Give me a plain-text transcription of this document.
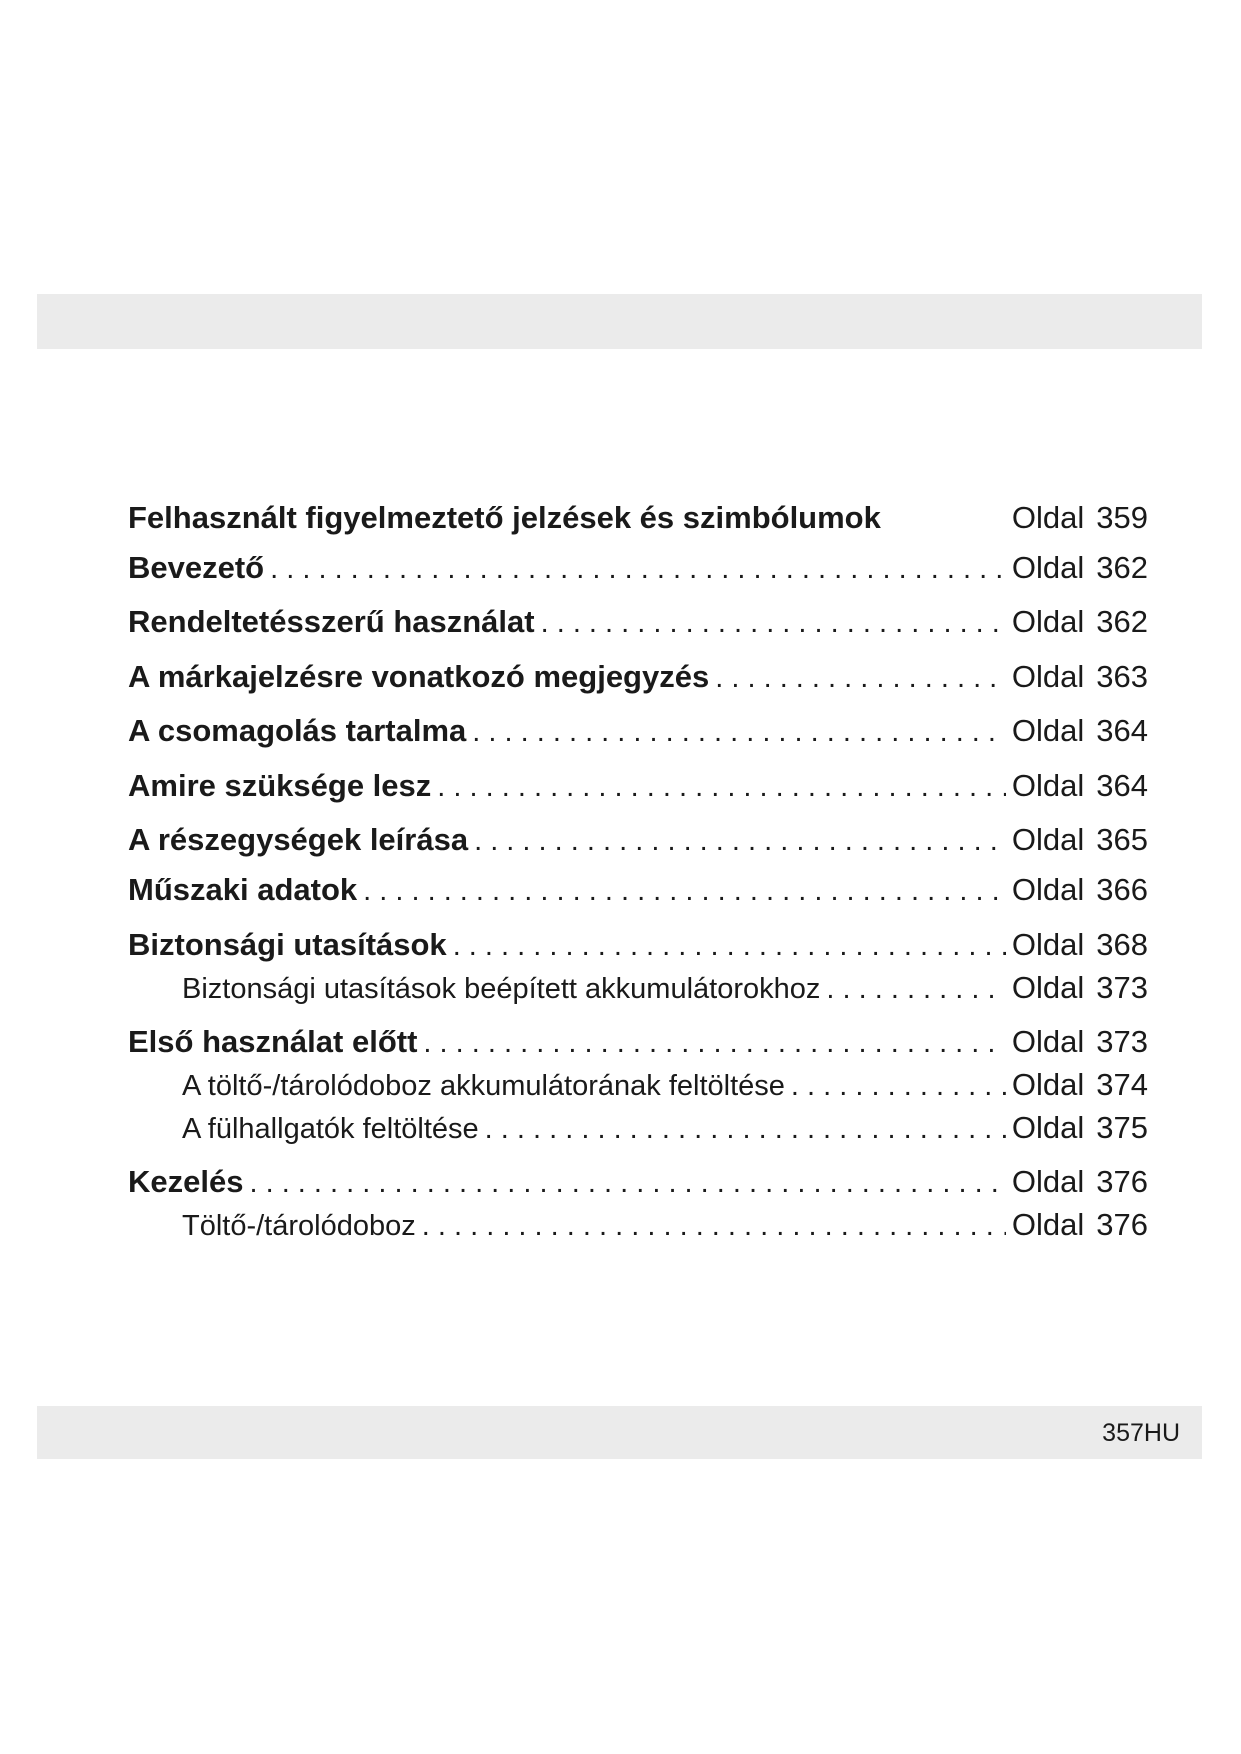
Felhasznált figyelmeztető jelzések és szimbólumok	Oldal 359
Bevezető . . .	Oldal 362
Rendeltetésszerű használat . . .	Oldal 362
A márkajelzésre vonatkozó megjegyzés . . .	Oldal 363
A csomagolás tartalma . . .	Oldal 364
Amire szüksége lesz . . .	Oldal 364
A részegységek leírása . . .	Oldal 365
Műszaki adatok . . .	Oldal 366
Biztonsági utasítások . . .	Oldal 368
Biztonsági utasítások beépített akkumulátorokhoz . . .	Oldal 373
Első használat előtt . . .	Oldal 373
A töltő-/tárolódoboz akkumulátorának feltöltése . . .	Oldal 374
A fülhallgatók feltöltése . . .	Oldal 375
Kezelés . . .	Oldal 376
Töltő-/tárolódoboz . . .	Oldal 376
357HU
